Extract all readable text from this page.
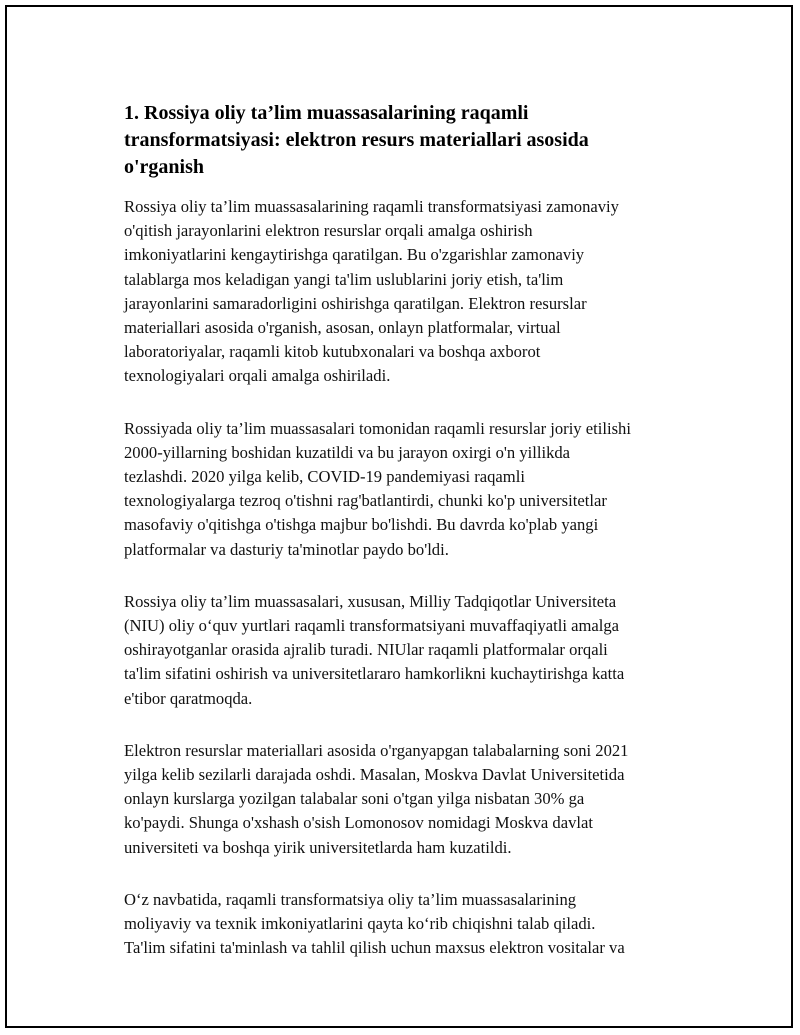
1. Rossiya oliy ta’lim muassasalarining raqamli
transformatsiyasi: elektron resurs materiallari asosida
o'rganish

Rossiya oliy ta’lim muassasalarining raqamli transformatsiyasi zamonaviy
o'qitish jarayonlarini elektron resurslar orqali amalga oshirish
imkoniyatlarini kengaytirishga qaratilgan. Bu o'zgarishlar zamonaviy
talablarga mos keladigan yangi ta'lim uslublarini joriy etish, ta'lim
jarayonlarini samaradorligini oshirishga qaratilgan. Elektron resurslar
materiallari asosida o'rganish, asosan, onlayn platformalar, virtual
laboratoriyalar, raqamli kitob kutubxonalari va boshqa axborot
texnologiyalari orqali amalga oshiriladi.

Rossiyada oliy ta’lim muassasalari tomonidan raqamli resurslar joriy etilishi
2000-yillarning boshidan kuzatildi va bu jarayon oxirgi o'n yillikda
tezlashdi. 2020 yilga kelib, COVID-19 pandemiyasi raqamli
texnologiyalarga tezroq o'tishni rag'batlantirdi, chunki ko'p universitetlar
masofaviy o'qitishga o'tishga majbur bo'lishdi. Bu davrda ko'plab yangi
platformalar va dasturiy ta'minotlar paydo bo'ldi.

Rossiya oliy ta’lim muassasalari, xususan, Milliy Tadqiqotlar Universiteta
(NIU) oliy o‘quv yurtlari raqamli transformatsiyani muvaffaqiyatli amalga
oshirayotganlar orasida ajralib turadi. NIUlar raqamli platformalar orqali
ta'lim sifatini oshirish va universitetlararo hamkorlikni kuchaytirishga katta
e'tibor qaratmoqda.

Elektron resurslar materiallari asosida o'rganyapgan talabalarning soni 2021
yilga kelib sezilarli darajada oshdi. Masalan, Moskva Davlat Universitetida
onlayn kurslarga yozilgan talabalar soni o'tgan yilga nisbatan 30% ga
ko'paydi. Shunga o'xshash o'sish Lomonosov nomidagi Moskva davlat
universiteti va boshqa yirik universitetlarda ham kuzatildi.

O‘z navbatida, raqamli transformatsiya oliy ta’lim muassasalarining
moliyaviy va texnik imkoniyatlarini qayta ko‘rib chiqishni talab qiladi.
Ta'lim sifatini ta'minlash va tahlil qilish uchun maxsus elektron vositalar va
